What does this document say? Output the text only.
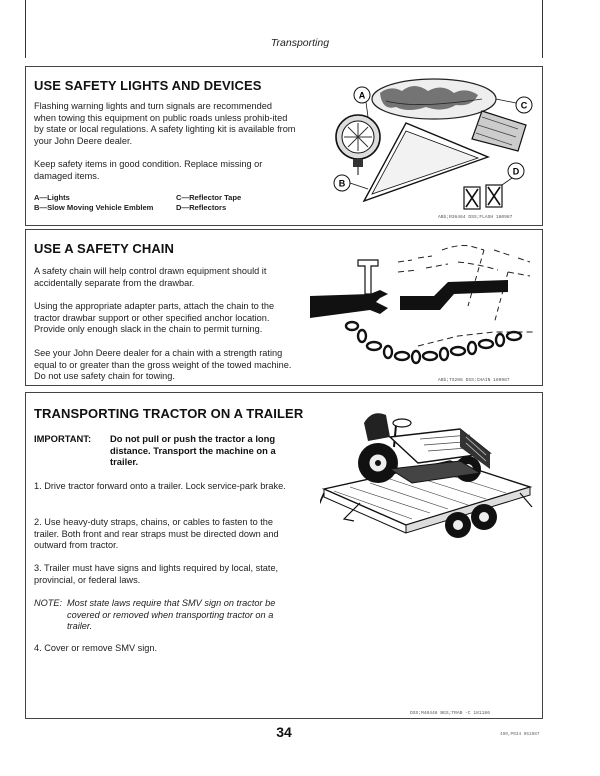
Transporting
USE SAFETY LIGHTS AND DEVICES
Flashing warning lights and turn signals are recommended when towing this equipment on public roads unless prohib-ited by state or local regulations. A safety lighting kit is available from your John Deere dealer.
Keep safety items in good condition. Replace missing or damaged items.
A—Lights
B—Slow Moving Vehicle Emblem
C—Reflector Tape
D—Reflectors
A
C
D
B
ABb;R36464 DSS;FLASH 180987
USE A SAFETY CHAIN
A safety chain will help control drawn equipment should it accidentally separate from the drawbar.
Using the appropriate adapter parts, attach the chain to the tractor drawbar support or other specified anchor location. Provide only enough slack in the chain to permit turning.
See your John Deere dealer for a chain with a strength rating equal to or greater than the gross weight of the towed machine. Do not use safety chain for towing.	ABb;TS208 DSS;CHAIN 180987
TRANSPORTING TRACTOR ON A TRAILER
IMPORTANT:	Do not pull or push the tractor a long distance. Transport the machine on a trailer.
1. Drive tractor forward onto a trailer. Lock service-park brake.
2. Use heavy-duty straps, chains, or cables to fasten to the trailer. Both front and rear straps must be directed down and outward from tractor.
3. Trailer must have signs and lights required by local, state, provincial, or federal laws.
NOTE: Most state laws require that SMV sign on tractor be covered or removed when transporting tractor on a trailer.
4. Cover or remove SMV sign.
DSS;M40448 BGS;TRAB -C 181186
34	490,P034 051087
